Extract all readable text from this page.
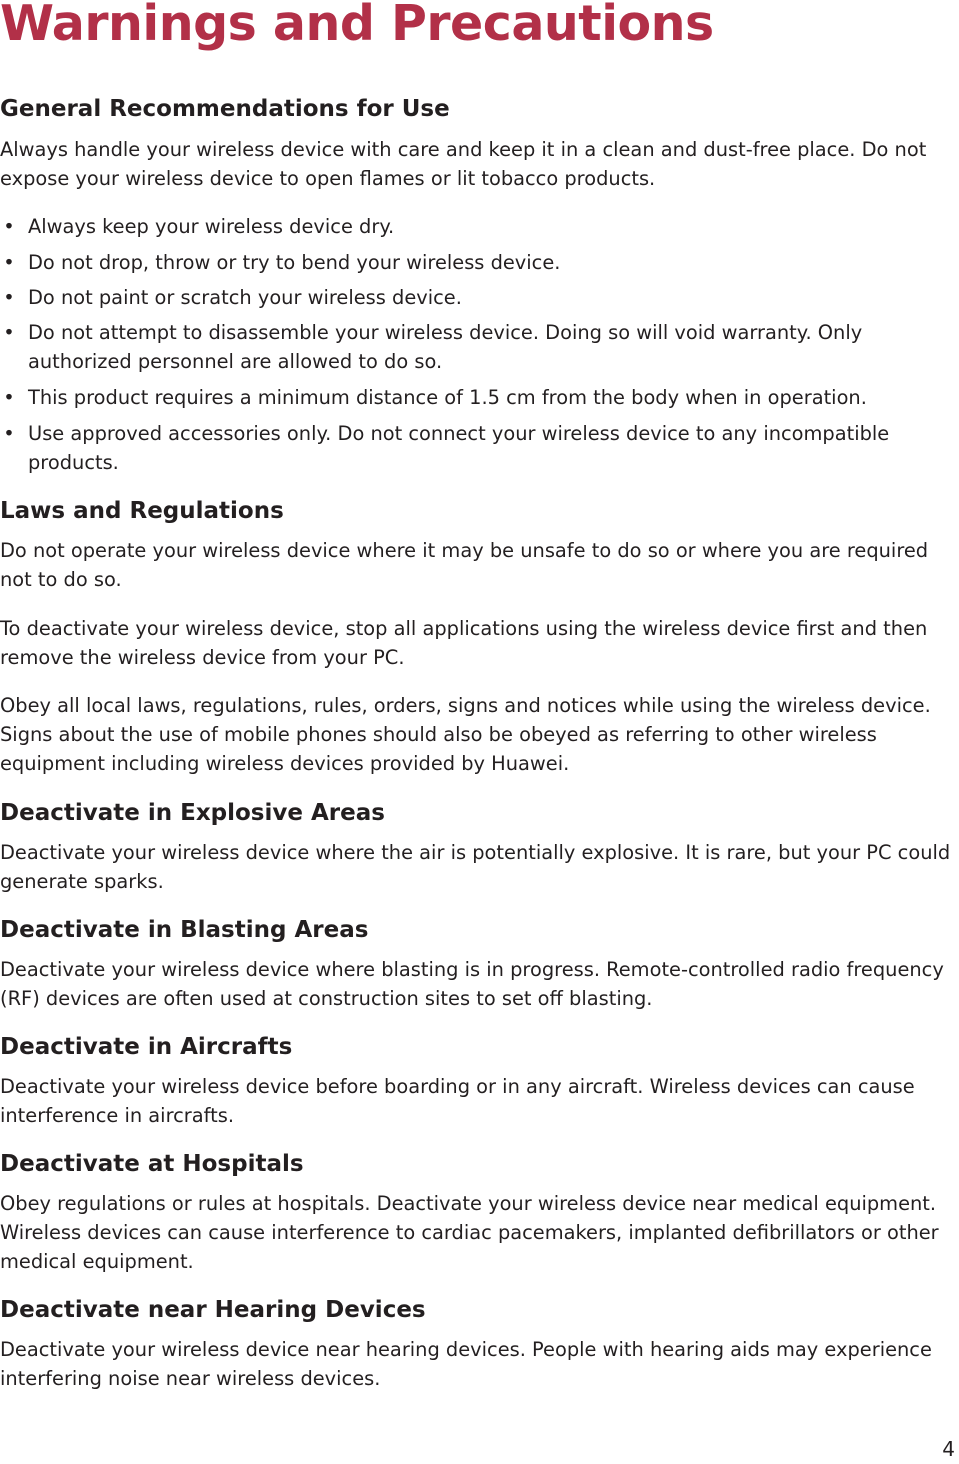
Warnings and Precautions
General Recommendations for Use

Always handle your wireless device with care and keep it in a clean and dust-free place. Do not expose your wireless device to open flames or lit tobacco products.

• Always keep your wireless device dry.
• Do not drop, throw or try to bend your wireless device.
• Do not paint or scratch your wireless device.
• Do not attempt to disassemble your wireless device. Doing so will void warranty. Only authorized personnel are allowed to do so.
• This product requires a minimum distance of 1.5 cm from the body when in operation.
• Use approved accessories only. Do not connect your wireless device to any incompatible products.
Laws and Regulations

Do not operate your wireless device where it may be unsafe to do so or where you are required not to do so.

To deactivate your wireless device, stop all applications using the wireless device first and then remove the wireless device from your PC.

Obey all local laws, regulations, rules, orders, signs and notices while using the wireless device. Signs about the use of mobile phones should also be obeyed as referring to other wireless equipment including wireless devices provided by Huawei.

Deactivate in Explosive Areas

Deactivate your wireless device where the air is potentially explosive. It is rare, but your PC could generate sparks.

Deactivate in Blasting Areas

Deactivate your wireless device where blasting is in progress. Remote-controlled radio frequency (RF) devices are often used at construction sites to set off blasting.

Deactivate in Aircrafts

Deactivate your wireless device before boarding or in any aircraft. Wireless devices can cause interference in aircrafts.

Deactivate at Hospitals

Obey regulations or rules at hospitals. Deactivate your wireless device near medical equipment. Wireless devices can cause interference to cardiac pacemakers, implanted defibrillators or other medical equipment.

Deactivate near Hearing Devices

Deactivate your wireless device near hearing devices. People with hearing aids may experience interfering noise near wireless devices.

4
